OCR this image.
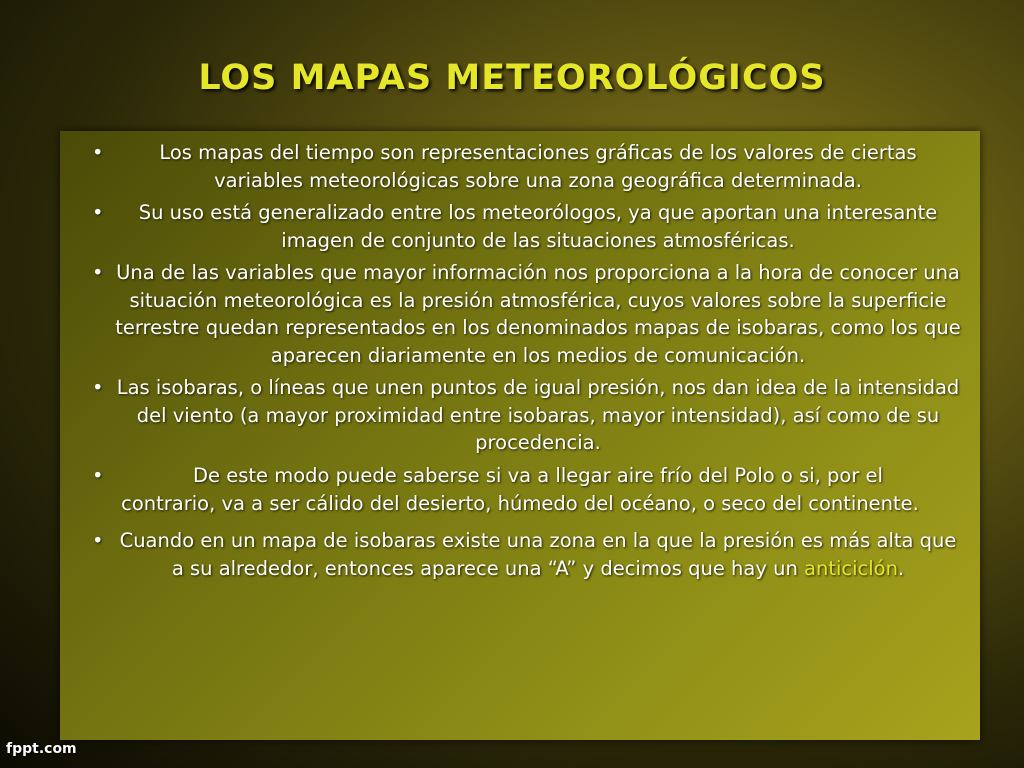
LOS MAPAS METEOROLÓGICOS
•	Los mapas del tiempo son representaciones gráficas de los valores de ciertas variables meteorológicas sobre una zona geográfica determinada.
• Su uso está generalizado entre los meteorólogos, ya que aportan una interesante imagen de conjunto de las situaciones atmosféricas.
• Una de las variables que mayor información nos proporciona a la hora de conocer una situación meteorológica es la presión atmosférica, cuyos valores sobre la superficie terrestre quedan representados en los denominados mapas de isobaras, como los que aparecen diariamente en los medios de comunicación.
• Las isobaras, o líneas que unen puntos de igual presión, nos dan idea de la intensidad del viento (a mayor proximidad entre isobaras, mayor intensidad), así como de su procedencia.
•	De este modo puede saberse si va a llegar aire frío del Polo o si, por el
contrario, va a ser cálido del desierto, húmedo del océano, o seco del continente.
• Cuando en un mapa de isobaras existe una zona en la que la presión es más alta que a su alrededor, entonces aparece una “A” y decimos que hay un anticiclón.
fppt.com
